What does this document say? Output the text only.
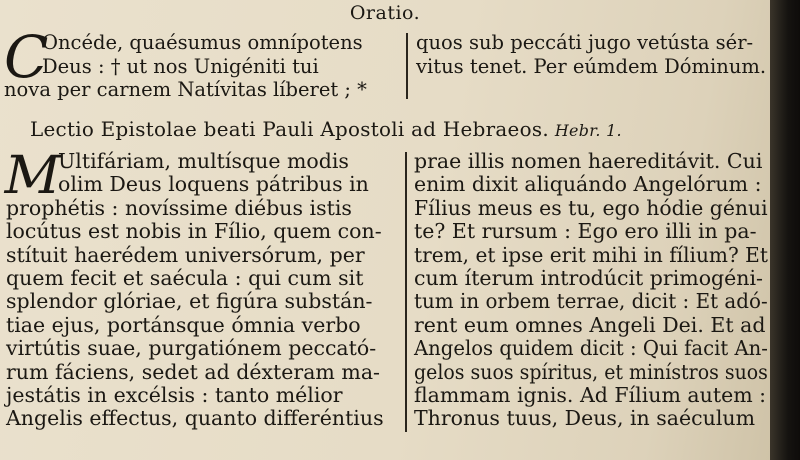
Oratio.
C
Oncéde, quaésumus omnípotens
Deus : † ut nos Unigéniti tui
nova per carnem Natívitas líberet ; *
quos sub peccáti jugo vetústa sér-
vitus tenet. Per eúmdem Dóminum.
Lectio Epistolae beati Pauli Apostoli ad Hebraeos. Hebr. 1.
M
Ultifáriam, multísque modis
olim Deus loquens pátribus in
prophétis : novíssime diébus istis
locútus est nobis in Fílio, quem con-
stítuit haerédem universórum, per
quem fecit et saécula : qui cum sit
splendor glóriae, et figúra substán-
tiae ejus, portánsque ómnia verbo
virtútis suae, purgatiónem peccató-
rum fáciens, sedet ad déxteram ma-
jestátis in excélsis : tanto mélior
Angelis effectus, quanto differéntius
prae illis nomen haereditávit. Cui
enim dixit aliquándo Angelórum :
Fílius meus es tu, ego hódie génui
te? Et rursum : Ego ero illi in pa-
trem, et ipse erit mihi in fílium? Et
cum íterum introdúcit primogéni-
tum in orbem terrae, dicit : Et adó-
rent eum omnes Angeli Dei. Et ad
Angelos quidem dicit : Qui facit An-
gelos suos spíritus, et minístros suos
flammam ignis. Ad Fílium autem :
Thronus tuus, Deus, in saéculum
